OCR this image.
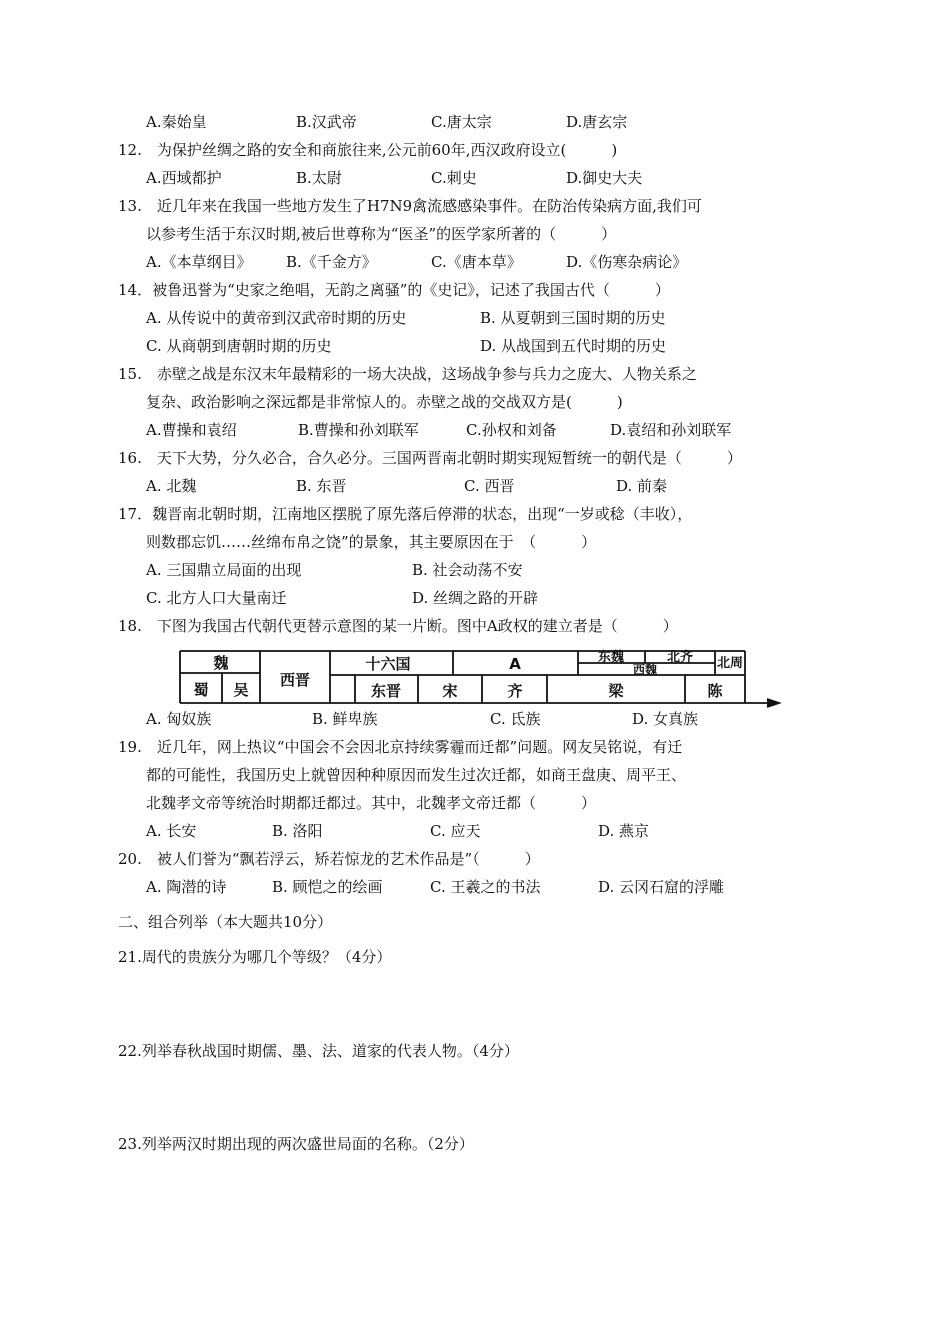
A.秦始皇	B.汉武帝	C.唐太宗	D.唐玄宗
12.　为保护丝绸之路的安全和商旅往来,公元前60年,西汉政府设立(　　　)
A.西域都护	B.太尉	C.刺史	D.御史大夫
13.　近几年来在我国一些地方发生了H7N9禽流感感染事件。在防治传染病方面,我们可
以参考生活于东汉时期,被后世尊称为“医圣”的医学家所著的（　　　）
A.《本草纲目》 B.《千金方》	C.《唐本草》	D.《伤寒杂病论》
14．被鲁迅誉为“史家之绝唱，无韵之离骚”的《史记》，记述了我国古代（　　　）
A. 从传说中的黄帝到汉武帝时期的历史	B. 从夏朝到三国时期的历史
C. 从商朝到唐朝时期的历史	D. 从战国到五代时期的历史
15.　赤壁之战是东汉末年最精彩的一场大决战，这场战争参与兵力之庞大、人物关系之
复杂、政治影响之深远都是非常惊人的。赤壁之战的交战双方是(　　　)
A.曹操和袁绍	B.曹操和孙刘联军	C.孙权和刘备	D.袁绍和孙刘联军
16.　天下大势，分久必合，合久必分。三国两晋南北朝时期实现短暂统一的朝代是（　　　）
A. 北魏	B. 东晋	C. 西晋	D. 前秦
17．魏晋南北朝时期，江南地区摆脱了原先落后停滞的状态，出现“一岁或稔（丰收），
则数郡忘饥……丝绵布帛之饶”的景象，其主要原因在于　（　　　）
A. 三国鼎立局面的出现	B. 社会动荡不安
C. 北方人口大量南迁	D. 丝绸之路的开辟
18.　下图为我国古代朝代更替示意图的某一片断。图中A政权的建立者是（　　　）
魏
蜀 吴
西晋
十六国	A	东魏	北齐
西魏	北周
东晋	宋	齐	梁	陈
A. 匈奴族	B. 鲜卑族	C. 氐族	D. 女真族
19.　近几年，网上热议“中国会不会因北京持续雾霾而迁都”问题。网友吴铭说，有迁
都的可能性，我国历史上就曾因种种原因而发生过次迁都，如商王盘庚、周平王、
北魏孝文帝等统治时期都迁都过。其中，北魏孝文帝迁都（　　　）
A. 长安	B. 洛阳	C. 应天	D. 燕京
20.　被人们誉为“飘若浮云，矫若惊龙的艺术作品是”（　　　）
A. 陶潜的诗	B. 顾恺之的绘画	C. 王羲之的书法	D. 云冈石窟的浮雕
二、组合列举（本大题共10分）
21.周代的贵族分为哪几个等级？（4分）
22.列举春秋战国时期儒、墨、法、道家的代表人物。（4分）
23.列举两汉时期出现的两次盛世局面的名称。（2分）
